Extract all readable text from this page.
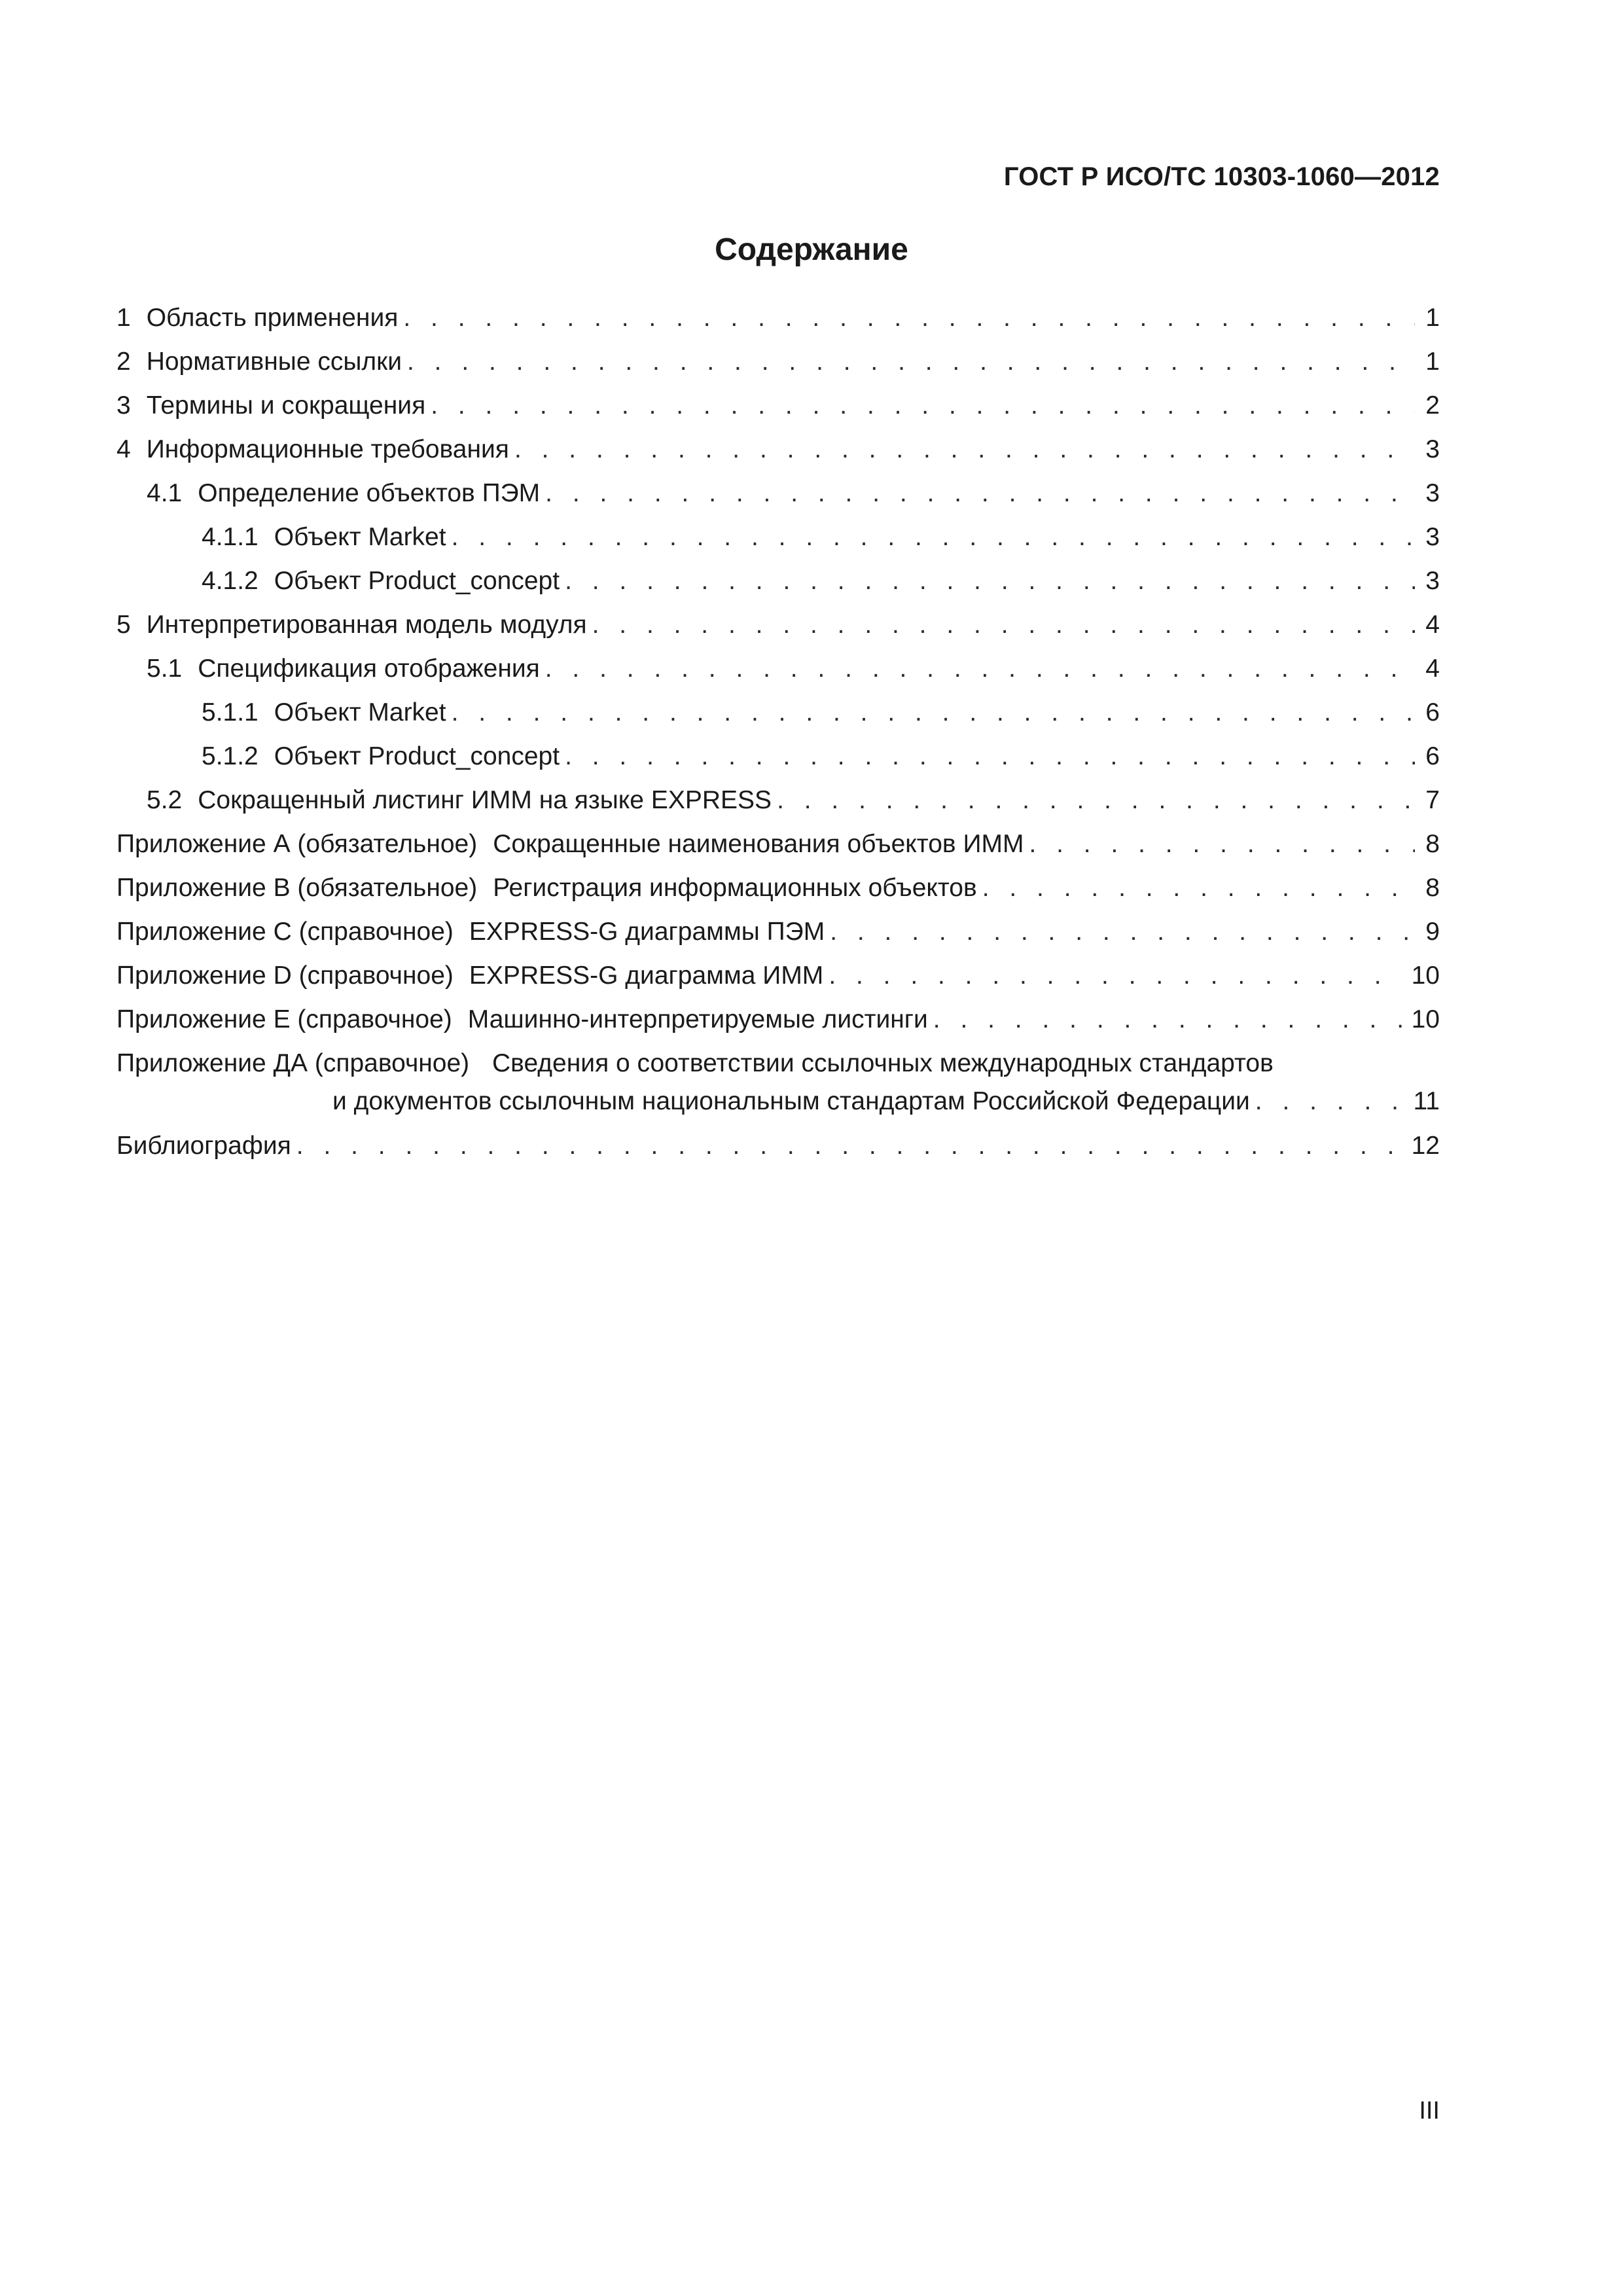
ГОСТ Р ИСО/ТС 10303-1060—2012
Содержание
1 Область применения . . .	1
2 Нормативные ссылки . . .	1
3 Термины и сокращения . . .	2
4 Информационные требования . . .	3
4.1 Определение объектов ПЭМ . . .	3
4.1.1 Объект Market . . .	3
4.1.2 Объект Product_concept . . .	3
5 Интерпретированная модель модуля . . .	4
5.1 Спецификация отображения . . .	4
5.1.1 Объект Market . . .	6
5.1.2 Объект Product_concept . . .	6
5.2 Сокращенный листинг ИММ на языке EXPRESS . . .	7
Приложение А (обязательное) Сокращенные наименования объектов ИММ . . .	8
Приложение В (обязательное) Регистрация информационных объектов . . .	8
Приложение С (справочное) EXPRESS-G диаграммы ПЭМ . . .	9
Приложение D (справочное) EXPRESS-G диаграмма ИММ . . .	10
Приложение Е (справочное) Машинно-интерпретируемые листинги . . .	10
Приложение ДА (справочное) Сведения о соответствии ссылочных международных стандартов
и документов ссылочным национальным стандартам Российской Федерации . . .	11
Библиография . . .	12
III
